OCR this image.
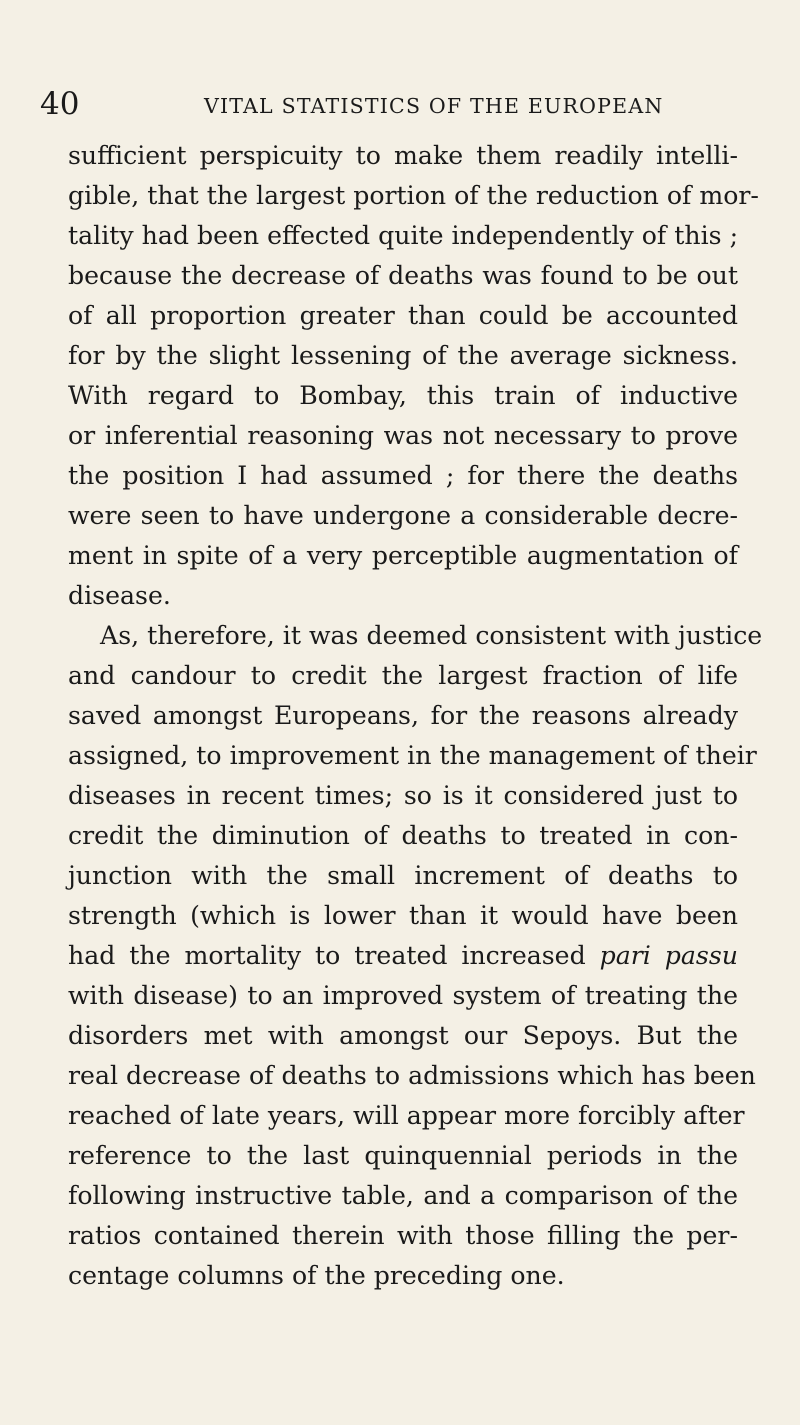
40	VITAL STATISTICS OF THE EUROPEAN
sufficient perspicuity to make them readily intelli-
gible, that the largest portion of the reduction of mor-
tality had been effected quite independently of this ;
because the decrease of deaths was found to be out
of all proportion greater than could be accounted
for by the slight lessening of the average sickness.
With regard to Bombay, this train of inductive
or inferential reasoning was not necessary to prove
the position I had assumed ; for there the deaths
were seen to have undergone a considerable decre-
ment in spite of a very perceptible augmentation of
disease.
As, therefore, it was deemed consistent with justice
and candour to credit the largest fraction of life
saved amongst Europeans, for the reasons already
assigned, to improvement in the management of their
diseases in recent times; so is it considered just to
credit the diminution of deaths to treated in con-
junction with the small increment of deaths to
strength (which is lower than it would have been
had the mortality to treated increased pari passu
with disease) to an improved system of treating the
disorders met with amongst our Sepoys. But the
real decrease of deaths to admissions which has been
reached of late years, will appear more forcibly after
reference to the last quinquennial periods in the
following instructive table, and a comparison of the
ratios contained therein with those filling the per-
centage columns of the preceding one.
